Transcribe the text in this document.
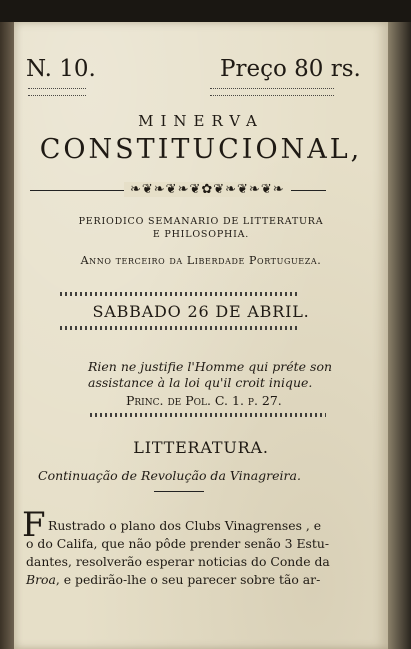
N. 10.	Preço 80 rs.
MINERVA
CONSTITUCIONAL,
❧❦❧❦❧❦✿❦❧❦❧❦❧
PERIODICO SEMANARIO DE LITTERATURA
E PHILOSOPHIA.
Anno terceiro da Liberdade Portugueza.
SABBADO 26 DE ABRIL.
Rien ne justifie l'Homme qui préte son
assistance à la loi qu'il croit inique.
Princ. de Pol. C. 1. p. 27.
LITTERATURA.
Continuação de Revolução da Vinagreira.
F Rustrado o plano dos Clubs Vinagrenses , e
o do Califa, que não pôde prender senão 3 Estu-
dantes, resolverão esperar noticias do Conde da
Broa, e pedirão-lhe o seu parecer sobre tão ar-
